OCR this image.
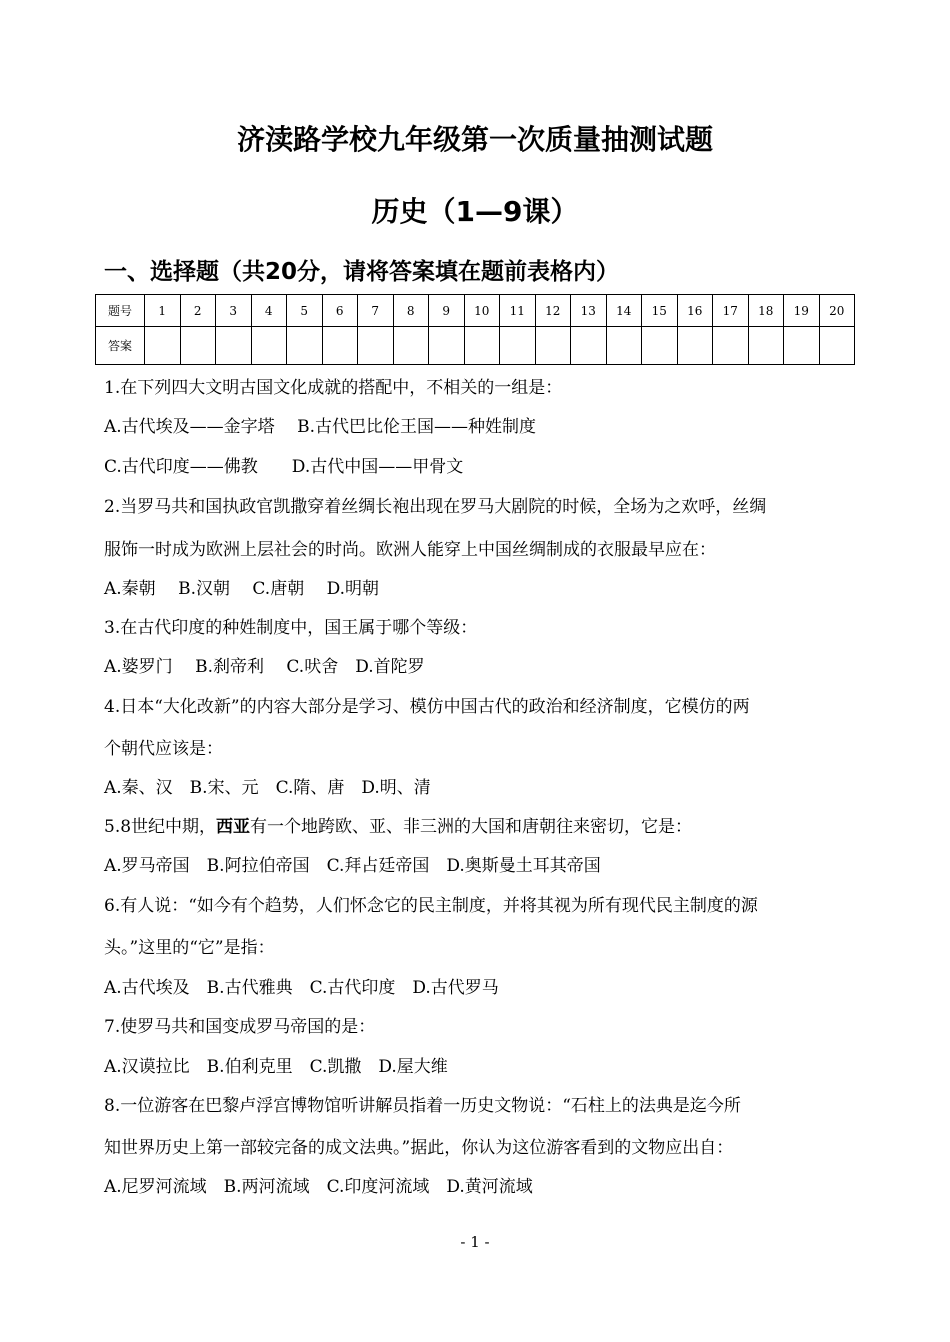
济渎路学校九年级第一次质量抽测试题
历史（1—9课）
一、选择题（共20分，请将答案填在题前表格内）
题号	1	2	3	4	5	6	7	8	9	10	11	12	13	14	15	16	17	18	19	20
答案																				
1.在下列四大文明古国文化成就的搭配中，不相关的一组是：
A.古代埃及——金字塔　 B.古代巴比伦王国——种姓制度
C.古代印度——佛教　　D.古代中国——甲骨文
2.当罗马共和国执政官凯撒穿着丝绸长袍出现在罗马大剧院的时候，全场为之欢呼，丝绸
服饰一时成为欧洲上层社会的时尚。欧洲人能穿上中国丝绸制成的衣服最早应在：
A.秦朝　 B.汉朝　 C.唐朝　 D.明朝
3.在古代印度的种姓制度中，国王属于哪个等级：
A.婆罗门　 B.刹帝利　 C.吠舍　D.首陀罗
4.日本“大化改新”的内容大部分是学习、模仿中国古代的政治和经济制度，它模仿的两
个朝代应该是：
A.秦、汉　B.宋、元　C.隋、唐　D.明、清
5.8世纪中期，西亚有一个地跨欧、亚、非三洲的大国和唐朝往来密切，它是：
A.罗马帝国　B.阿拉伯帝国　C.拜占廷帝国　D.奥斯曼土耳其帝国
6.有人说：“如今有个趋势，人们怀念它的民主制度，并将其视为所有现代民主制度的源
头。”这里的“它”是指：
A.古代埃及　B.古代雅典　C.古代印度　D.古代罗马
7.使罗马共和国变成罗马帝国的是：
A.汉谟拉比　B.伯利克里　C.凯撒　D.屋大维
8.一位游客在巴黎卢浮宫博物馆听讲解员指着一历史文物说：“石柱上的法典是迄今所
知世界历史上第一部较完备的成文法典。”据此，你认为这位游客看到的文物应出自：
A.尼罗河流域　B.两河流域　C.印度河流域　D.黄河流域
- 1 -
